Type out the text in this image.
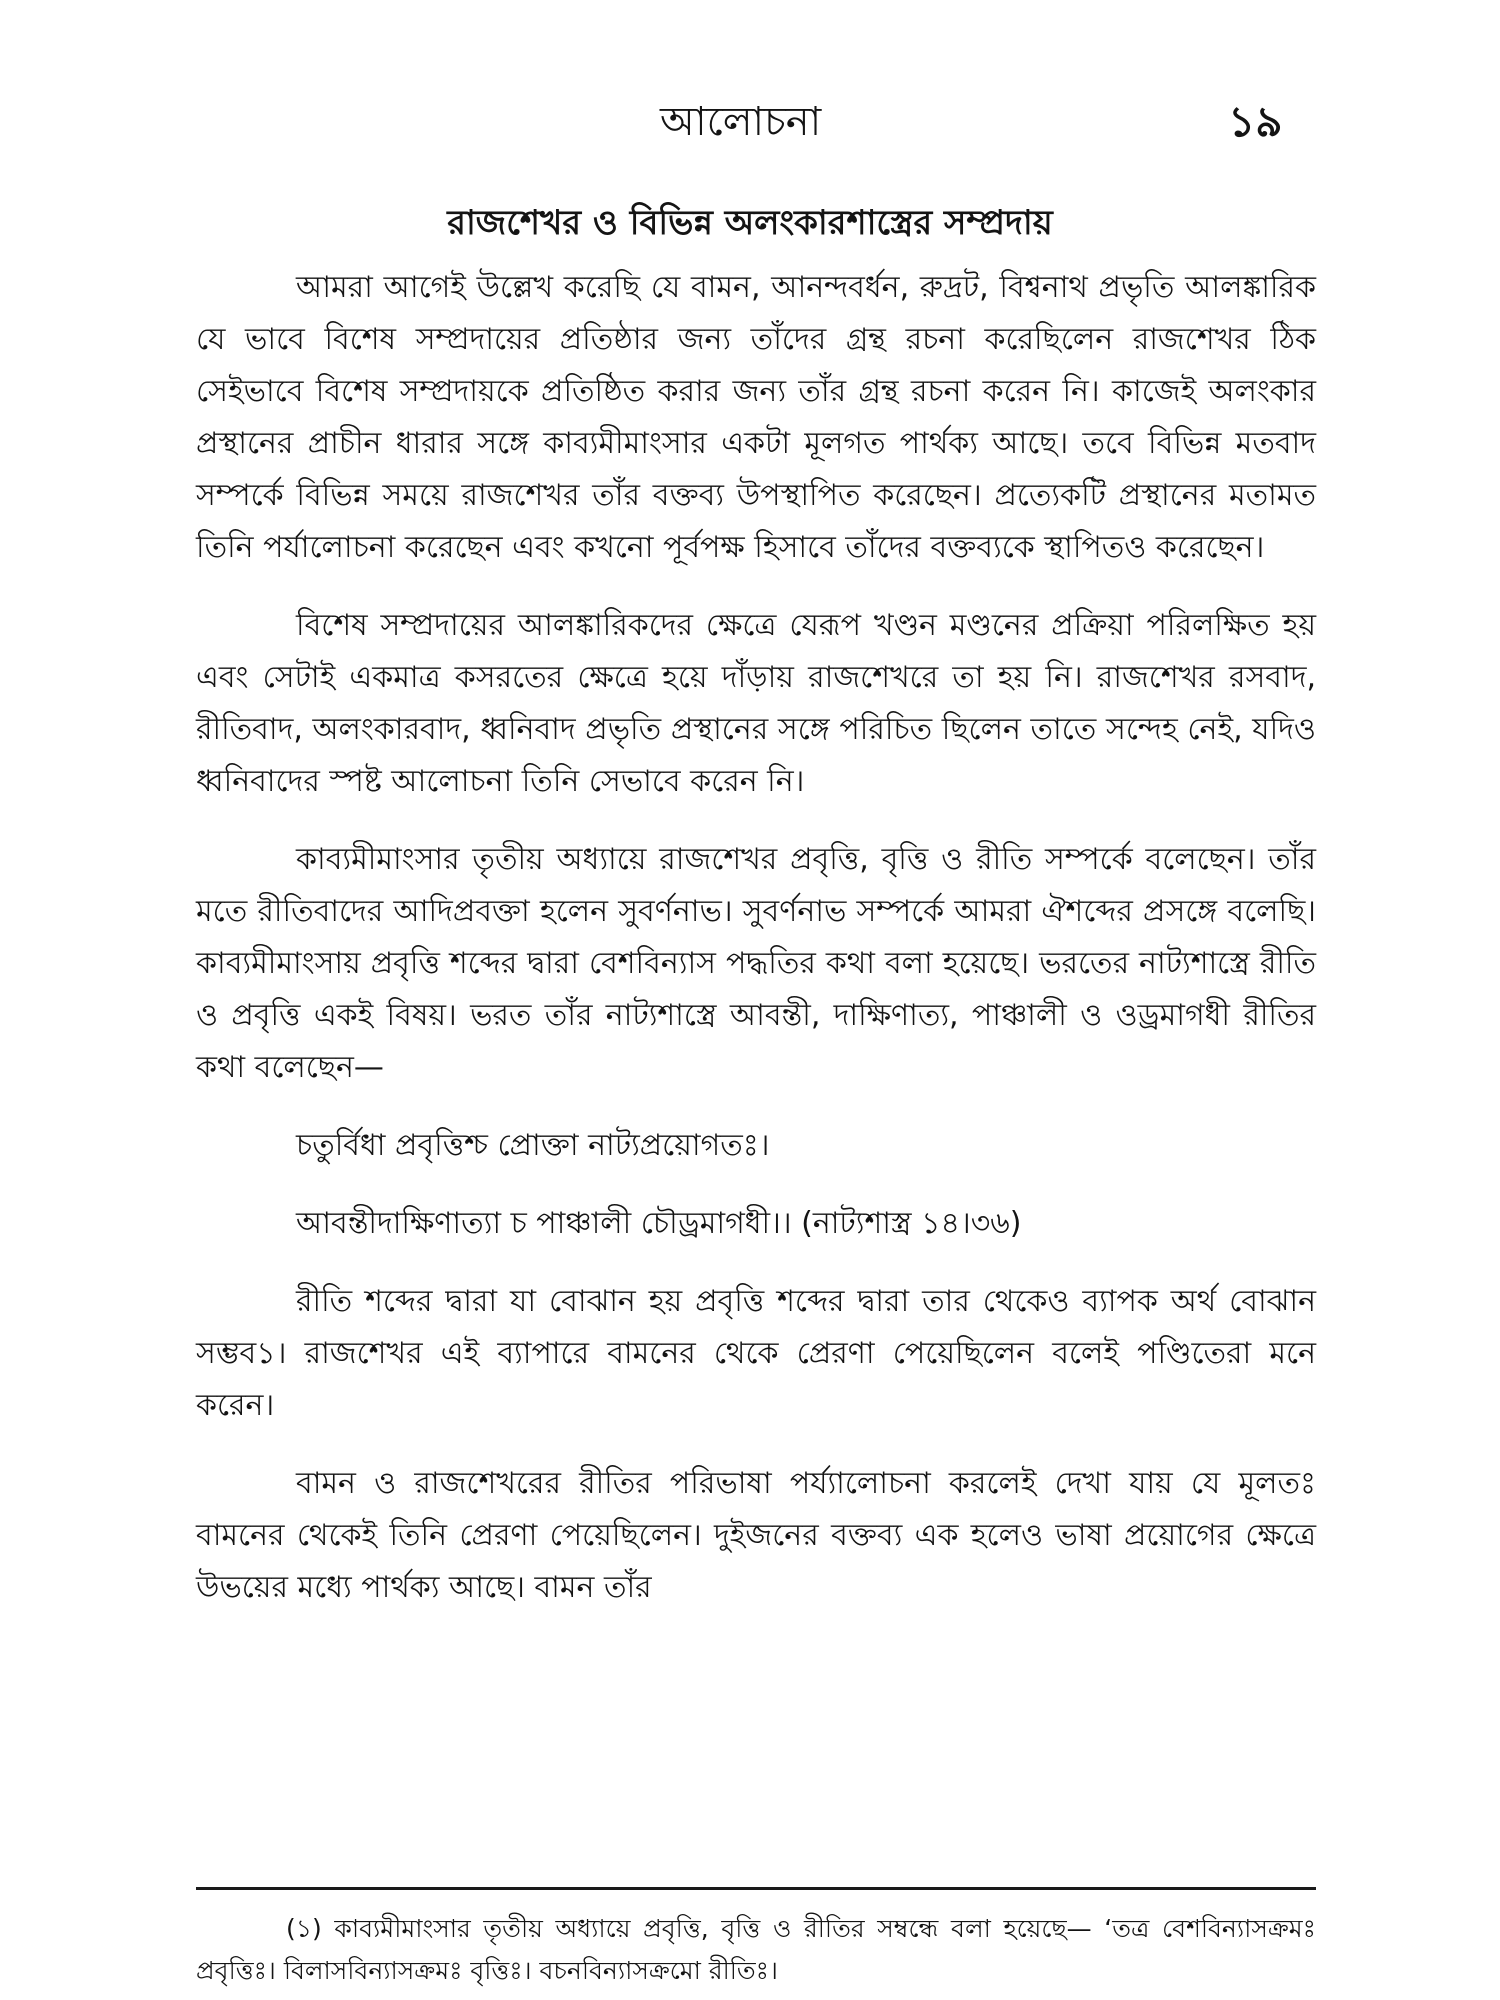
আলোচনা	১৯
রাজশেখর ও বিভিন্ন অলংকারশাস্ত্রের সম্প্রদায়

আমরা আগেই উল্লেখ করেছি যে বামন, আনন্দবর্ধন, রুদ্রট, বিশ্বনাথ প্রভৃতি আলঙ্কারিক যে ভাবে বিশেষ সম্প্রদায়ের প্রতিষ্ঠার জন্য তাঁদের গ্রন্থ রচনা করেছিলেন রাজশেখর ঠিক সেইভাবে বিশেষ সম্প্রদায়কে প্রতিষ্ঠিত করার জন্য তাঁর গ্রন্থ রচনা করেন নি। কাজেই অলংকার প্রস্থানের প্রাচীন ধারার সঙ্গে কাব্যমীমাংসার একটা মূলগত পার্থক্য আছে। তবে বিভিন্ন মতবাদ সম্পর্কে বিভিন্ন সময়ে রাজশেখর তাঁর বক্তব্য উপস্থাপিত করেছেন। প্রত্যেকটি প্রস্থানের মতামত তিনি পর্যালোচনা করেছেন এবং কখনো পূর্বপক্ষ হিসাবে তাঁদের বক্তব্যকে স্থাপিতও করেছেন।

বিশেষ সম্প্রদায়ের আলঙ্কারিকদের ক্ষেত্রে যেরূপ খণ্ডন মণ্ডনের প্রক্রিয়া পরিলক্ষিত হয় এবং সেটাই একমাত্র কসরতের ক্ষেত্রে হয়ে দাঁড়ায় রাজশেখরে তা হয় নি। রাজশেখর রসবাদ, রীতিবাদ, অলংকারবাদ, ধ্বনিবাদ প্রভৃতি প্রস্থানের সঙ্গে পরিচিত ছিলেন তাতে সন্দেহ নেই, যদিও ধ্বনিবাদের স্পষ্ট আলোচনা তিনি সেভাবে করেন নি।

কাব্যমীমাংসার তৃতীয় অধ্যায়ে রাজশেখর প্রবৃত্তি, বৃত্তি ও রীতি সম্পর্কে বলেছেন। তাঁর মতে রীতিবাদের আদিপ্রবক্তা হলেন সুবর্ণনাভ। সুবর্ণনাভ সম্পর্কে আমরা ঐশব্দের প্রসঙ্গে বলেছি। কাব্যমীমাংসায় প্রবৃত্তি শব্দের দ্বারা বেশবিন্যাস পদ্ধতির কথা বলা হয়েছে। ভরতের নাট্যশাস্ত্রে রীতি ও প্রবৃত্তি একই বিষয়। ভরত তাঁর নাট্যশাস্ত্রে আবন্তী, দাক্ষিণাত্য, পাঞ্চালী ও ওড্রমাগধী রীতির কথা বলেছেন—

চতুর্বিধা প্রবৃত্তিশ্চ প্রোক্তা নাট্যপ্রয়োগতঃ।
আবন্তীদাক্ষিণাত্যা চ পাঞ্চালী চৌড্রমাগধী।। (নাট্যশাস্ত্র ১৪।৩৬)

রীতি শব্দের দ্বারা যা বোঝান হয় প্রবৃত্তি শব্দের দ্বারা তার থেকেও ব্যাপক অর্থ বোঝান সম্ভব১। রাজশেখর এই ব্যাপারে বামনের থেকে প্রেরণা পেয়েছিলেন বলেই পণ্ডিতেরা মনে করেন।

বামন ও রাজশেখরের রীতির পরিভাষা পর্য্যালোচনা করলেই দেখা যায় যে মূলতঃ বামনের থেকেই তিনি প্রেরণা পেয়েছিলেন। দুইজনের বক্তব্য এক হলেও ভাষা প্রয়োগের ক্ষেত্রে উভয়ের মধ্যে পার্থক্য আছে। বামন তাঁর

(১) কাব্যমীমাংসার তৃতীয় অধ্যায়ে প্রবৃত্তি, বৃত্তি ও রীতির সম্বন্ধে বলা হয়েছে— ‘তত্র বেশবিন্যাসক্রমঃ প্রবৃত্তিঃ। বিলাসবিন্যাসক্রমঃ বৃত্তিঃ। বচনবিন্যাসক্রমো রীতিঃ।
